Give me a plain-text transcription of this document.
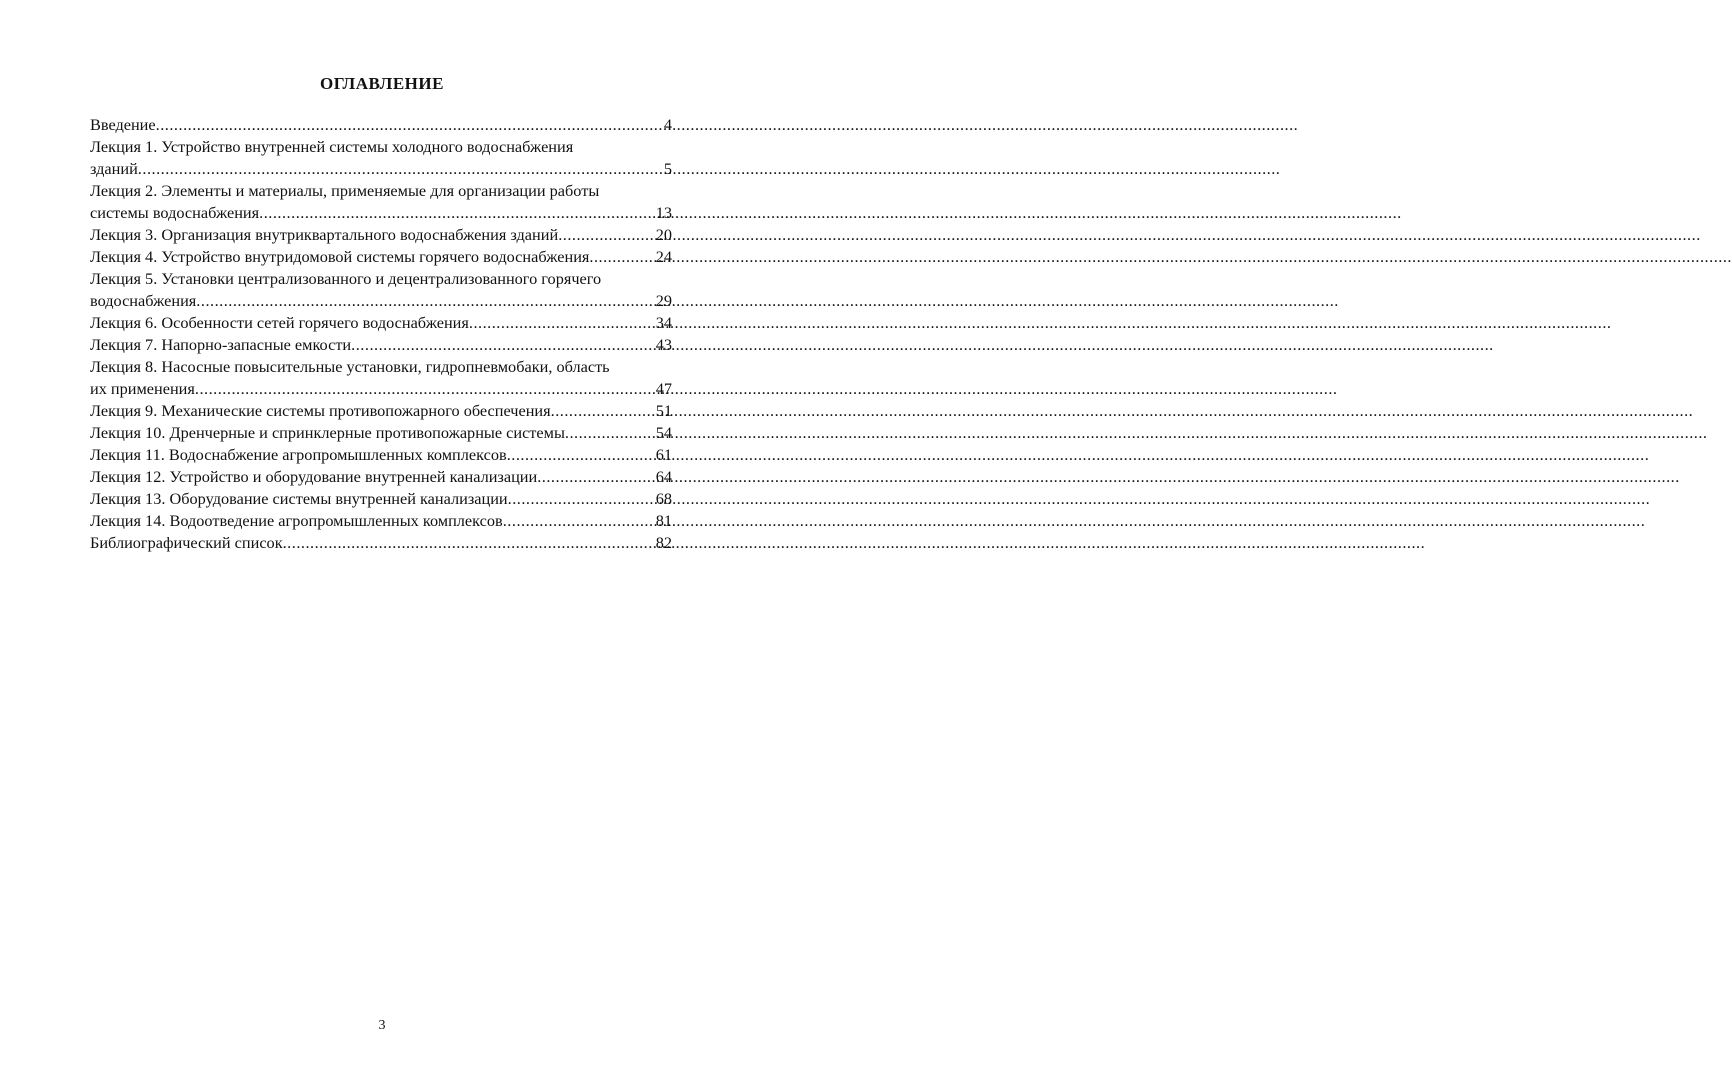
ОГЛАВЛЕНИЕ
Введение .....	4
Лекция 1. Устройство внутренней системы холодного водоснабжения
зданий .....	5
Лекция 2. Элементы и материалы, применяемые для организации работы
системы водоснабжения .....	13
Лекция 3. Организация внутриквартального водоснабжения зданий .....	20
Лекция 4. Устройство внутридомовой системы горячего водоснабжения .....	24
Лекция 5. Установки централизованного и децентрализованного горячего
водоснабжения .....	29
Лекция 6. Особенности сетей горячего водоснабжения .....	34
Лекция 7. Напорно-запасные емкости .....	43
Лекция 8. Насосные повысительные установки, гидропневмобаки, область
их применения .....	47
Лекция 9. Механические системы противопожарного обеспечения .....	51
Лекция 10. Дренчерные и спринклерные противопожарные системы .....	54
Лекция 11. Водоснабжение агропромышленных комплексов .....	61
Лекция 12. Устройство и оборудование внутренней канализации .....	64
Лекция 13. Оборудование системы внутренней канализации .....	68
Лекция 14. Водоотведение агропромышленных комплексов .....	81
Библиографический список .....	82
3
